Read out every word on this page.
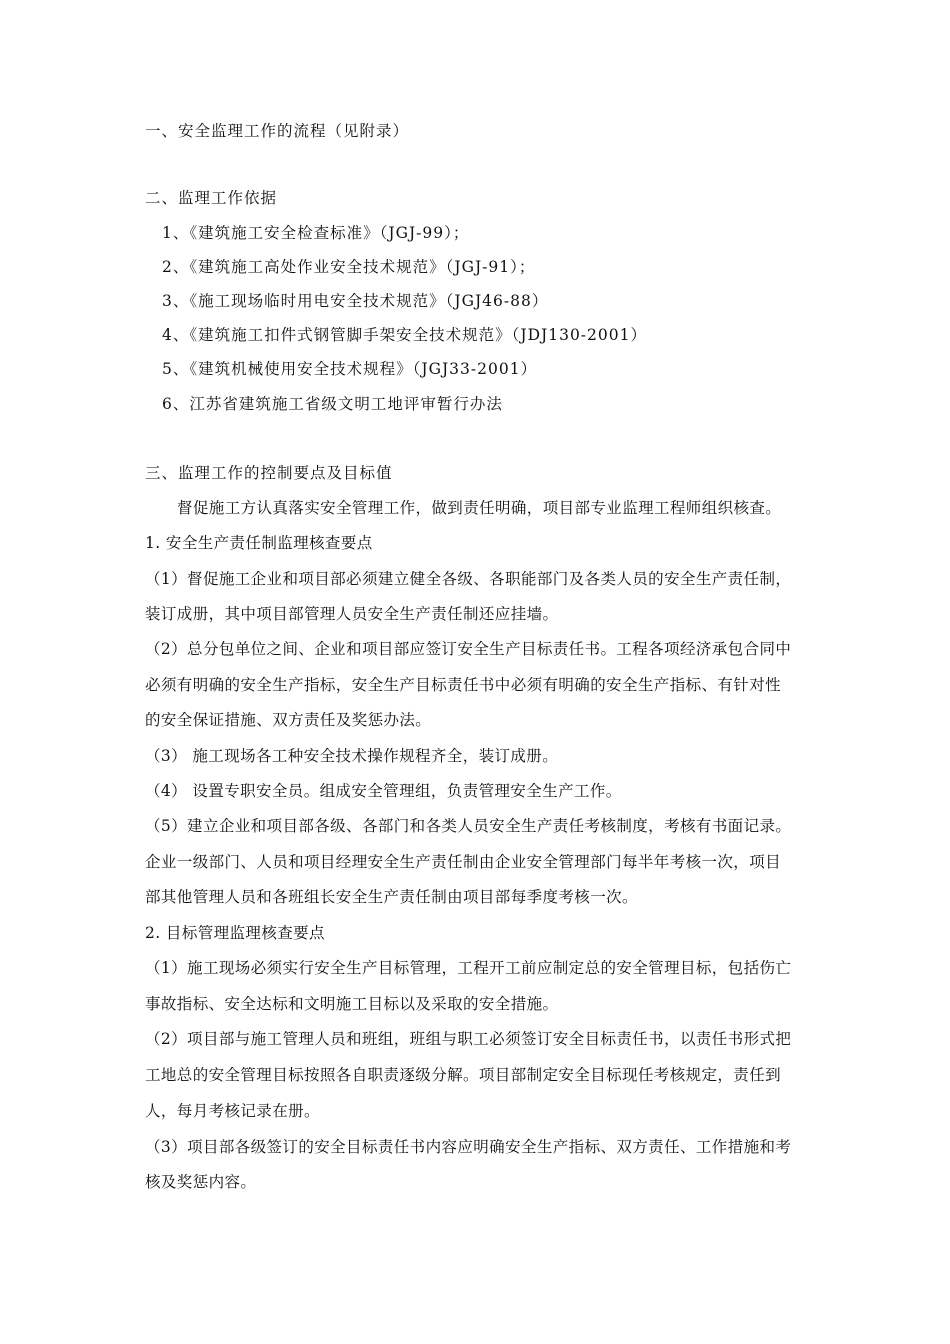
一、安全监理工作的流程（见附录）
二、监理工作依据
1、《建筑施工安全检查标准》（JGJ-99）；
2、《建筑施工高处作业安全技术规范》（JGJ-91）；
3、《施工现场临时用电安全技术规范》（JGJ46-88）
4、《建筑施工扣件式钢管脚手架安全技术规范》（JDJ130-2001）
5、《建筑机械使用安全技术规程》（JGJ33-2001）
6、江苏省建筑施工省级文明工地评审暂行办法
三、监理工作的控制要点及目标值
督促施工方认真落实安全管理工作，做到责任明确，项目部专业监理工程师组织核查。
1. 安全生产责任制监理核查要点
（1）督促施工企业和项目部必须建立健全各级、各职能部门及各类人员的安全生产责任制，
装订成册，其中项目部管理人员安全生产责任制还应挂墙。
（2）总分包单位之间、企业和项目部应签订安全生产目标责任书。工程各项经济承包合同中
必须有明确的安全生产指标，安全生产目标责任书中必须有明确的安全生产指标、有针对性
的安全保证措施、双方责任及奖惩办法。
（3） 施工现场各工种安全技术操作规程齐全，装订成册。
（4） 设置专职安全员。组成安全管理组，负责管理安全生产工作。
（5）建立企业和项目部各级、各部门和各类人员安全生产责任考核制度，考核有书面记录。
企业一级部门、人员和项目经理安全生产责任制由企业安全管理部门每半年考核一次，项目
部其他管理人员和各班组长安全生产责任制由项目部每季度考核一次。
2. 目标管理监理核查要点
（1）施工现场必须实行安全生产目标管理，工程开工前应制定总的安全管理目标，包括伤亡
事故指标、安全达标和文明施工目标以及采取的安全措施。
（2）项目部与施工管理人员和班组，班组与职工必须签订安全目标责任书，以责任书形式把
工地总的安全管理目标按照各自职责逐级分解。项目部制定安全目标现任考核规定，责任到
人，每月考核记录在册。
（3）项目部各级签订的安全目标责任书内容应明确安全生产指标、双方责任、工作措施和考
核及奖惩内容。
